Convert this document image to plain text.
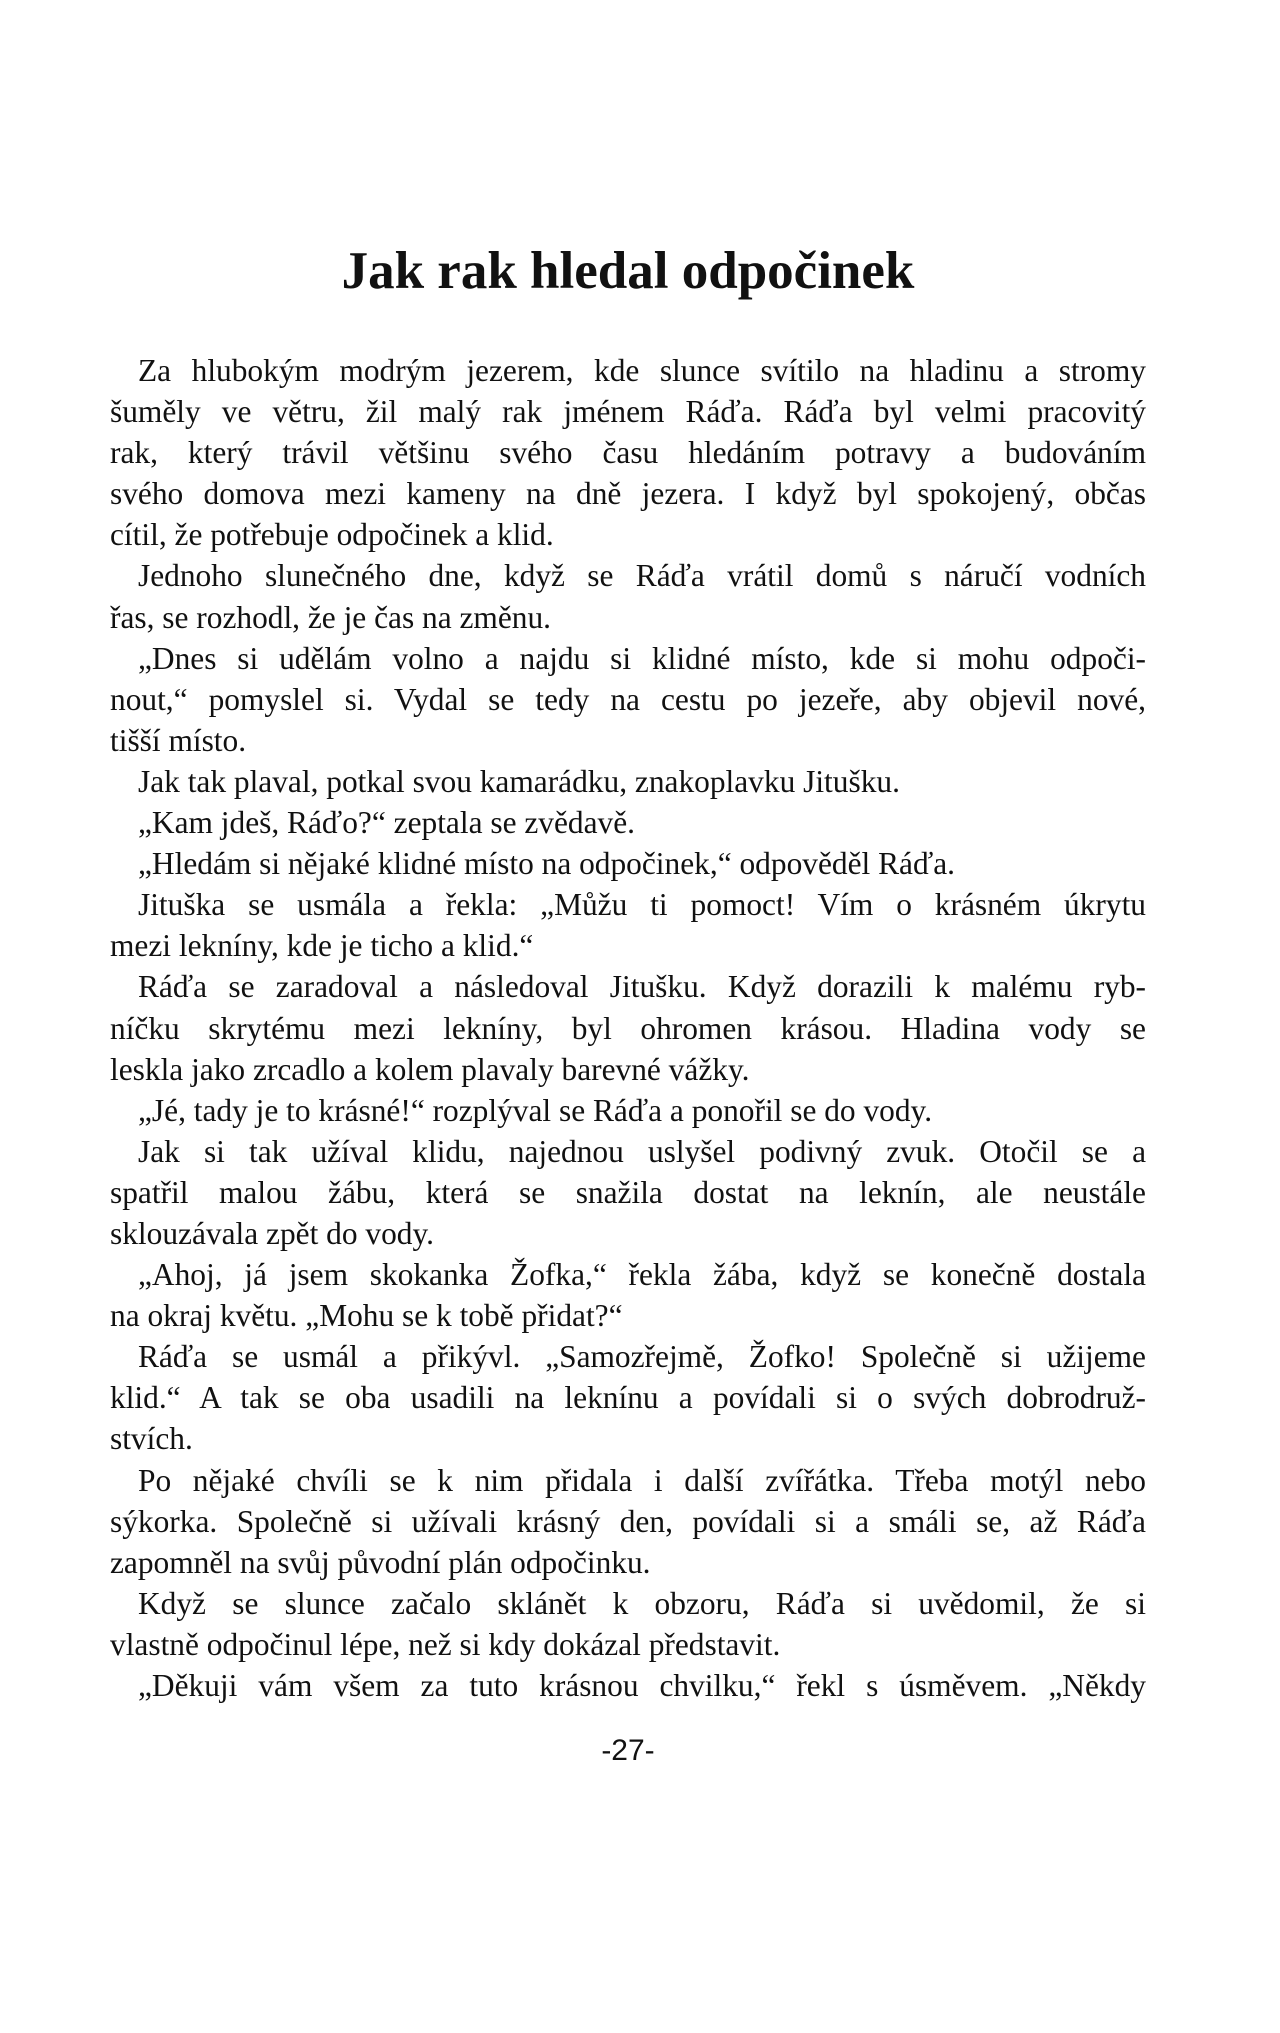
Jak rak hledal odpočinek
Za hlubokým modrým jezerem, kde slunce svítilo na hladinu a stromy
šuměly ve větru, žil malý rak jménem Ráďa. Ráďa byl velmi pracovitý
rak, který trávil většinu svého času hledáním potravy a budováním
svého domova mezi kameny na dně jezera. I když byl spokojený, občas
cítil, že potřebuje odpočinek a klid.
Jednoho slunečného dne, když se Ráďa vrátil domů s náručí vodních
řas, se rozhodl, že je čas na změnu.
„Dnes si udělám volno a najdu si klidné místo, kde si mohu odpoči-
nout,“ pomyslel si. Vydal se tedy na cestu po jezeře, aby objevil nové,
tišší místo.
Jak tak plaval, potkal svou kamarádku, znakoplavku Jitušku.
„Kam jdeš, Ráďo?“ zeptala se zvědavě.
„Hledám si nějaké klidné místo na odpočinek,“ odpověděl Ráďa.
Jituška se usmála a řekla: „Můžu ti pomoct! Vím o krásném úkrytu
mezi lekníny, kde je ticho a klid.“
Ráďa se zaradoval a následoval Jitušku. Když dorazili k malému ryb-
níčku skrytému mezi lekníny, byl ohromen krásou. Hladina vody se
leskla jako zrcadlo a kolem plavaly barevné vážky.
„Jé, tady je to krásné!“ rozplýval se Ráďa a ponořil se do vody.
Jak si tak užíval klidu, najednou uslyšel podivný zvuk. Otočil se a
spatřil malou žábu, která se snažila dostat na leknín, ale neustále
sklouzávala zpět do vody.
„Ahoj, já jsem skokanka Žofka,“ řekla žába, když se konečně dostala
na okraj květu. „Mohu se k tobě přidat?“
Ráďa se usmál a přikývl. „Samozřejmě, Žofko! Společně si užijeme
klid.“ A tak se oba usadili na leknínu a povídali si o svých dobrodruž-
stvích.
Po nějaké chvíli se k nim přidala i další zvířátka. Třeba motýl nebo
sýkorka. Společně si užívali krásný den, povídali si a smáli se, až Ráďa
zapomněl na svůj původní plán odpočinku.
Když se slunce začalo sklánět k obzoru, Ráďa si uvědomil, že si
vlastně odpočinul lépe, než si kdy dokázal představit.
„Děkuji vám všem za tuto krásnou chvilku,“ řekl s úsměvem. „Někdy
-27-
